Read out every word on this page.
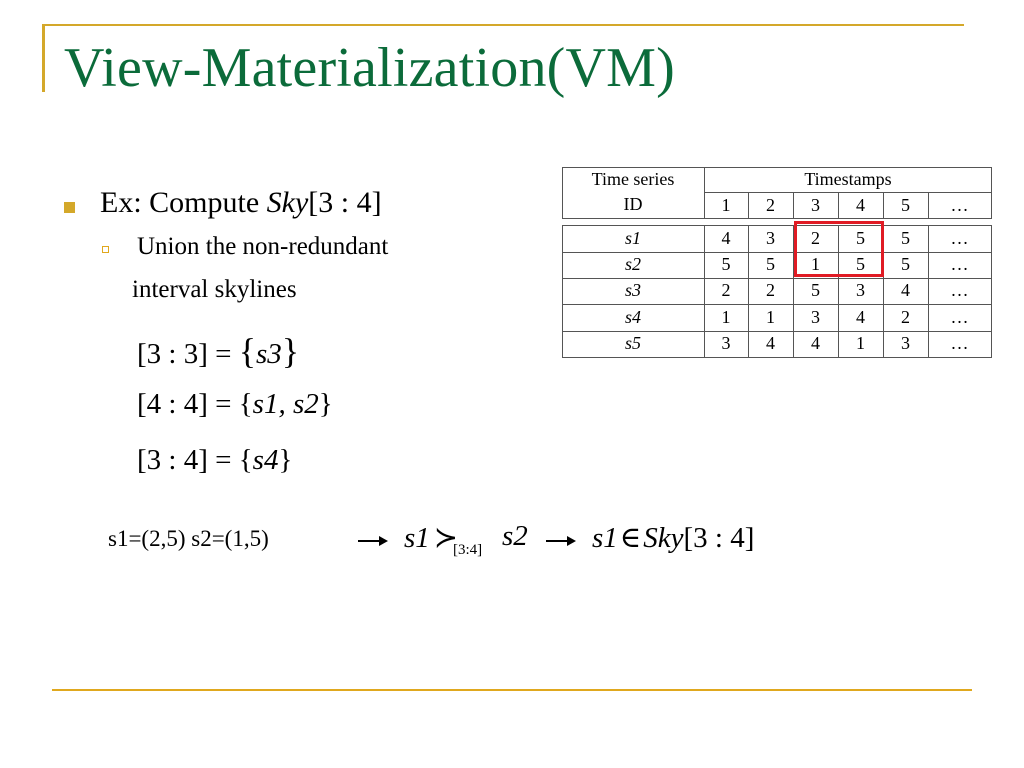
View-Materialization(VM)
Ex: Compute Sky[3 : 4]
Union the non-redundant
interval skylines
[3 : 3] = {s3}
[4 : 4] = {s1, s2}
[3 : 4] = {s4}
s1=(2,5) s2=(1,5)	s1 ≻
[3:4] s2 s1∈Sky[3 : 4]
Time series
ID
Timestamps
1	2	3	4	5	…
s1	4	3	2	5	5	…
s2	5	5	1	5	5	…
s3	2	2	5	3	4	…
s4	1	1	3	4	2	…
s5	3	4	4	1	3	…
